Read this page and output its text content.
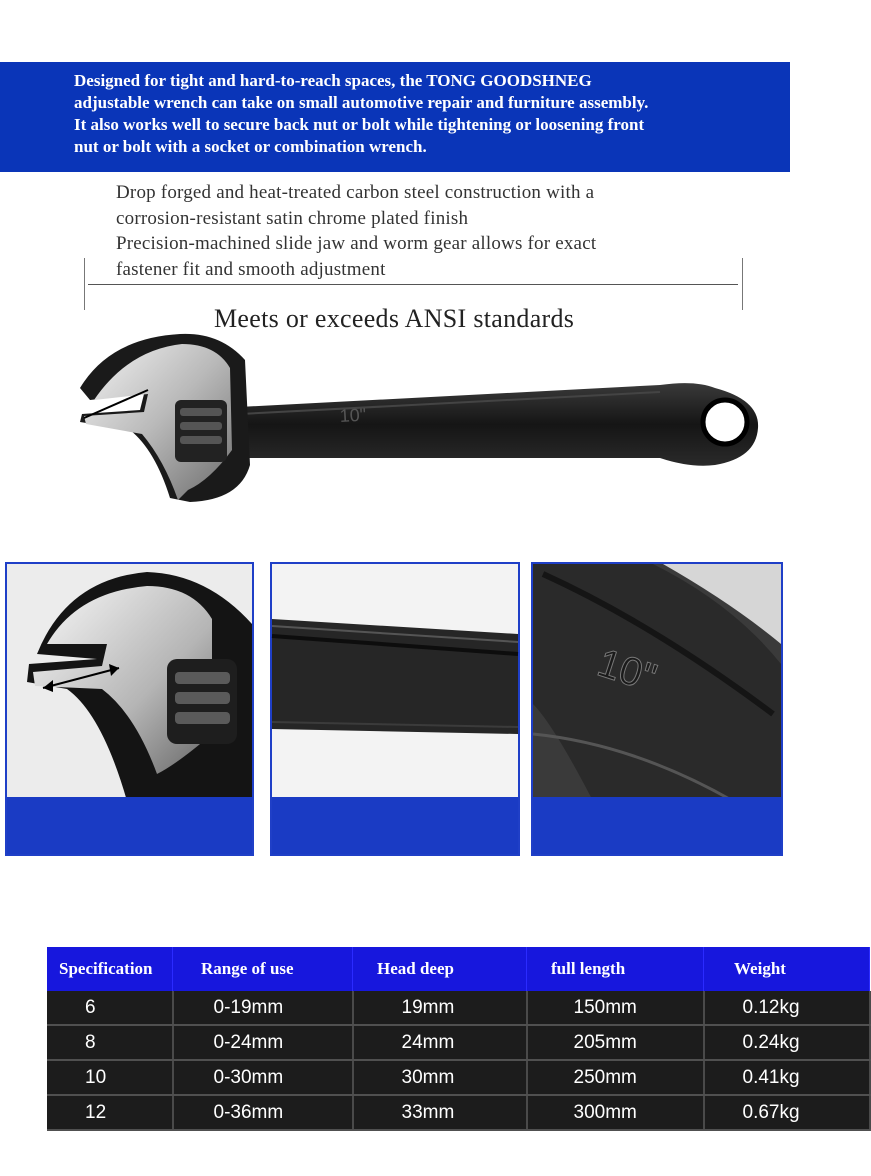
Designed for tight and hard-to-reach spaces, the TONG GOODSHNEG adjustable wrench can take on small automotive repair and furniture assembly. It also works well to secure back nut or bolt while tightening or loosening front nut or bolt with a socket or combination wrench.

Drop forged and heat-treated carbon steel construction with a
corrosion-resistant satin chrome plated finish
Precision-machined slide jaw and worm gear allows for exact
fastener fit and smooth adjustment
Meets or exceeds ANSI standards
10"
10"
Specification	Range of use	Head deep	full length	Weight
6	0-19mm	19mm	150mm	0.12kg
8	0-24mm	24mm	205mm	0.24kg
10	0-30mm	30mm	250mm	0.41kg
12	0-36mm	33mm	300mm	0.67kg
